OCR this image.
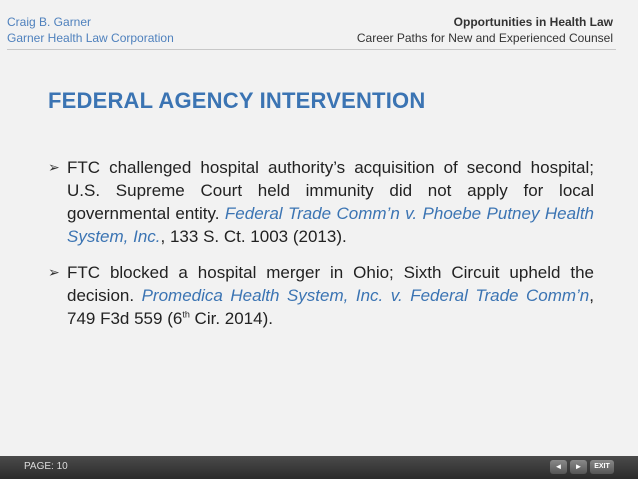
Craig B. Garner
Garner Health Law Corporation
Opportunities in Health Law
Career Paths for New and Experienced Counsel
FEDERAL AGENCY INTERVENTION
➢ FTC challenged hospital authority’s acquisition of second hospital; U.S. Supreme Court held immunity did not apply for local governmental entity. Federal Trade Comm’n v. Phoebe Putney Health System, Inc., 133 S. Ct. 1003 (2013).
➢ FTC blocked a hospital merger in Ohio; Sixth Circuit upheld the decision. Promedica Health System, Inc. v. Federal Trade Comm’n, 749 F3d 559 (6th Cir. 2014).
PAGE: 10	◄	►	EXIT
